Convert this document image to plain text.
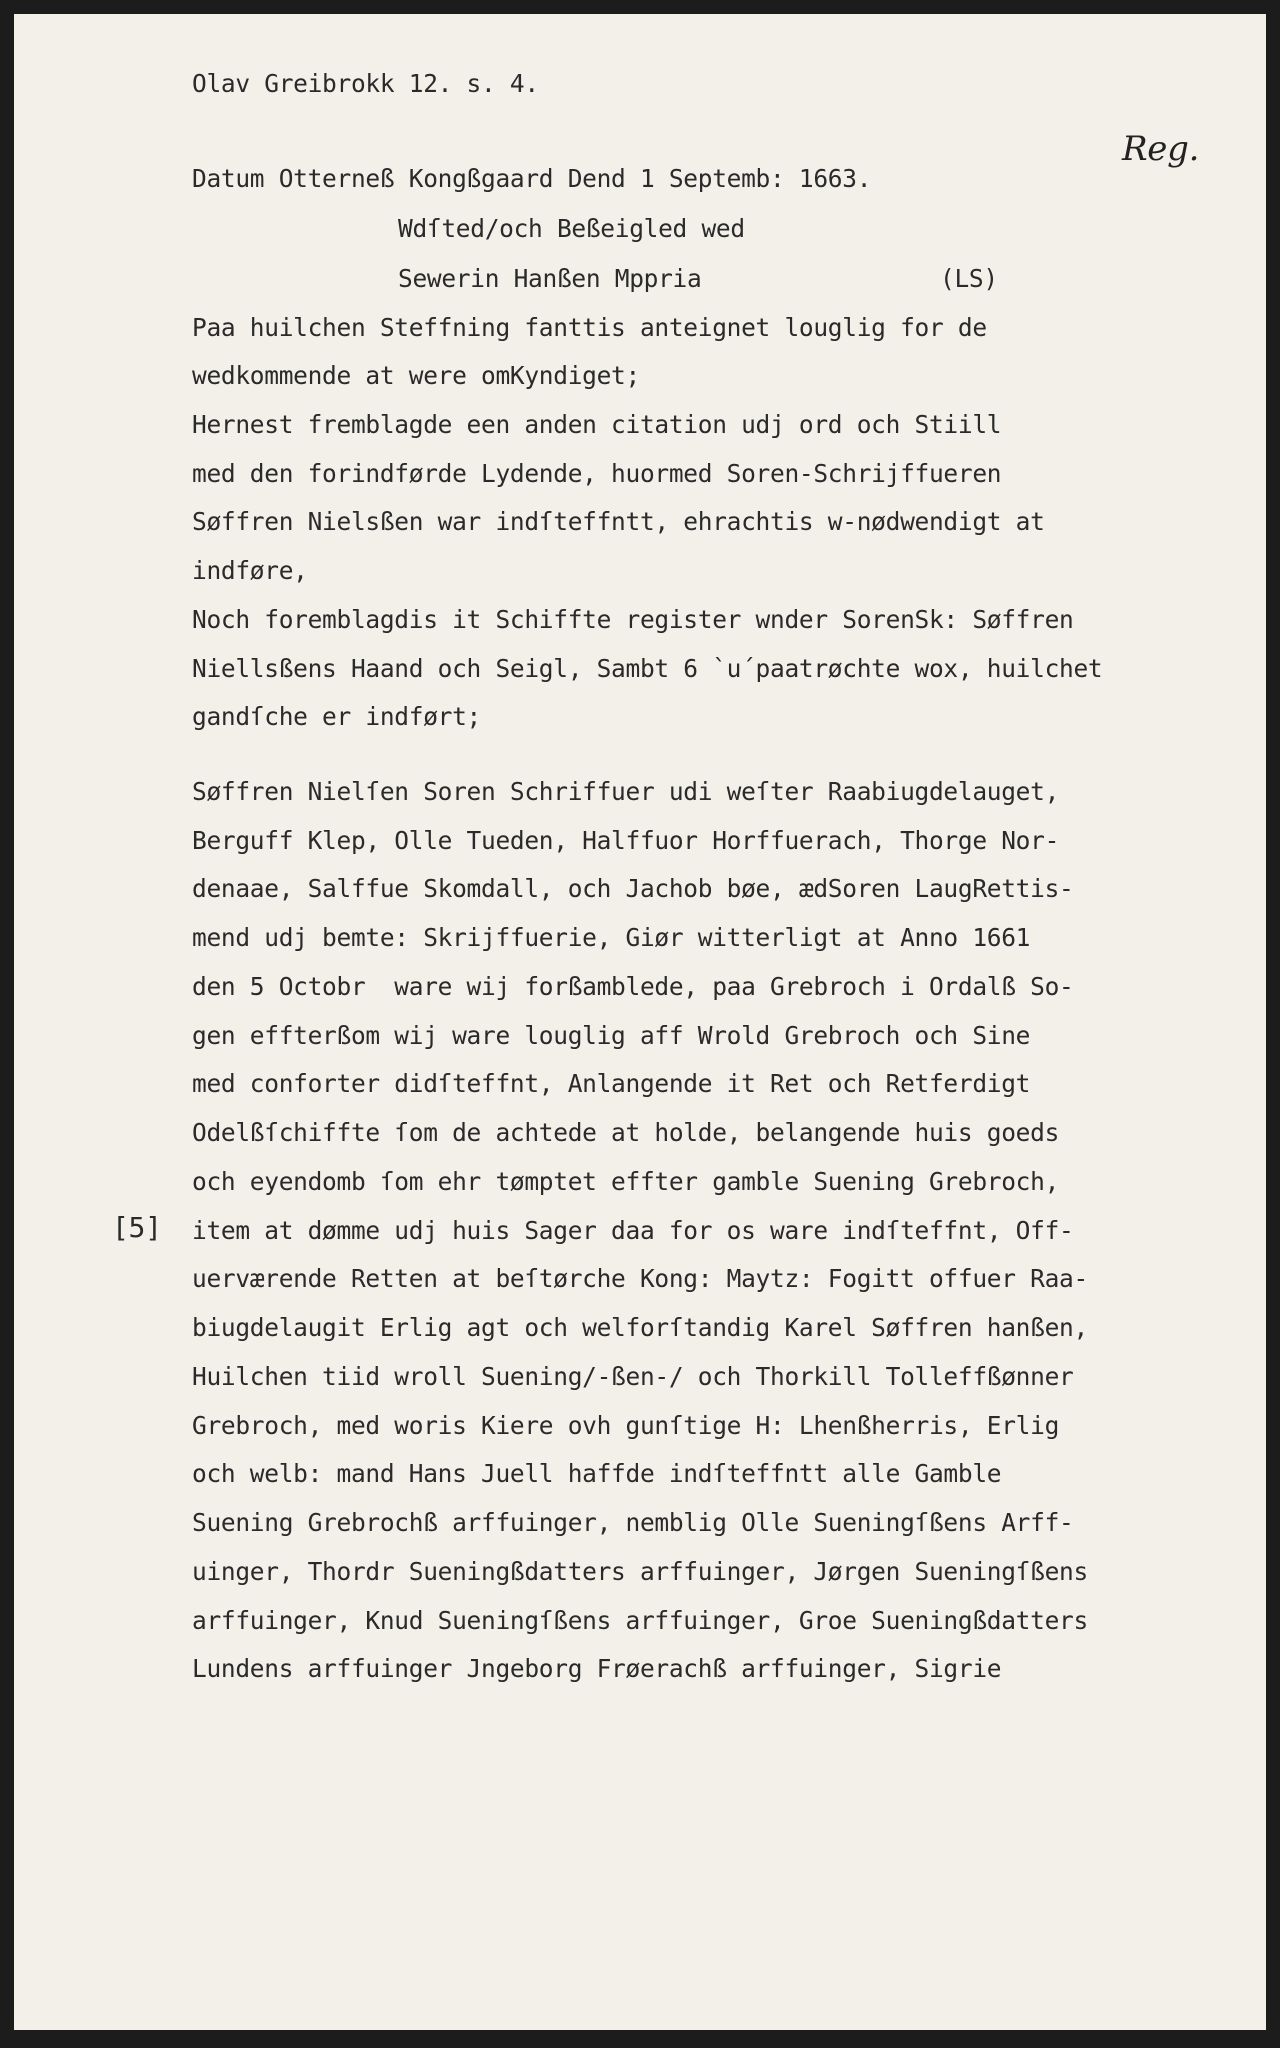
Olav Greibrokk 12. s. 4.
Reg.
Datum Otterneß Kongßgaard Dend 1 Septemb: 1663.
Wdſted/och Beßeigled wed
Sewerin Hanßen Mppria	(LS)
Paa huilchen Steffning fanttis anteignet louglig for de
wedkommende at were omKyndiget;
Hernest fremblagde een anden citation udj ord och Stiill
med den forindførde Lydende, huormed Soren-Schrijffueren
Søffren Nielsßen war indſteffntt, ehrachtis w-nødwendigt at
indføre,
Noch foremblagdis it Schiffte register wnder SorenSk: Søffren
Niellsßens Haand och Seigl, Sambt 6 `u´paatrøchte wox, huilchet
gandſche er indført;
Søffren Nielſen Soren Schriffuer udi weſter Raabiugdelauget,
Berguff Klep, Olle Tueden, Halffuor Horffuerach, Thorge Nor-
denaae, Salffue Skomdall, och Jachob bøe, ædSoren LaugRettis-
mend udj bemte: Skrijffuerie, Giør witterligt at Anno 1661
den 5 Octobr  ware wij forßamblede, paa Grebroch i Ordalß So-
gen effterßom wij ware louglig aff Wrold Grebroch och Sine
med conforter didſteffnt, Anlangende it Ret och Retferdigt
Odelßſchiffte ſom de achtede at holde, belangende huis goeds
och eyendomb ſom ehr tømptet effter gamble Suening Grebroch,
[5] item at dømme udj huis Sager daa for os ware indſteffnt, Off-
uerværende Retten at beſtørche Kong: Maytz: Fogitt offuer Raa-
biugdelaugit Erlig agt och welforſtandig Karel Søffren hanßen,
Huilchen tiid wroll Suening/-ßen-/ och Thorkill Tolleffßønner
Grebroch, med woris Kiere ovh gunſtige H: Lhenßherris, Erlig
och welb: mand Hans Juell haffde indſteffntt alle Gamble
Suening Grebrochß arffuinger, nemblig Olle Sueningſßens Arff-
uinger, Thordr Sueningßdatters arffuinger, Jørgen Sueningſßens
arffuinger, Knud Sueningſßens arffuinger, Groe Sueningßdatters
Lundens arffuinger Jngeborg Frøerachß arffuinger, Sigrie
